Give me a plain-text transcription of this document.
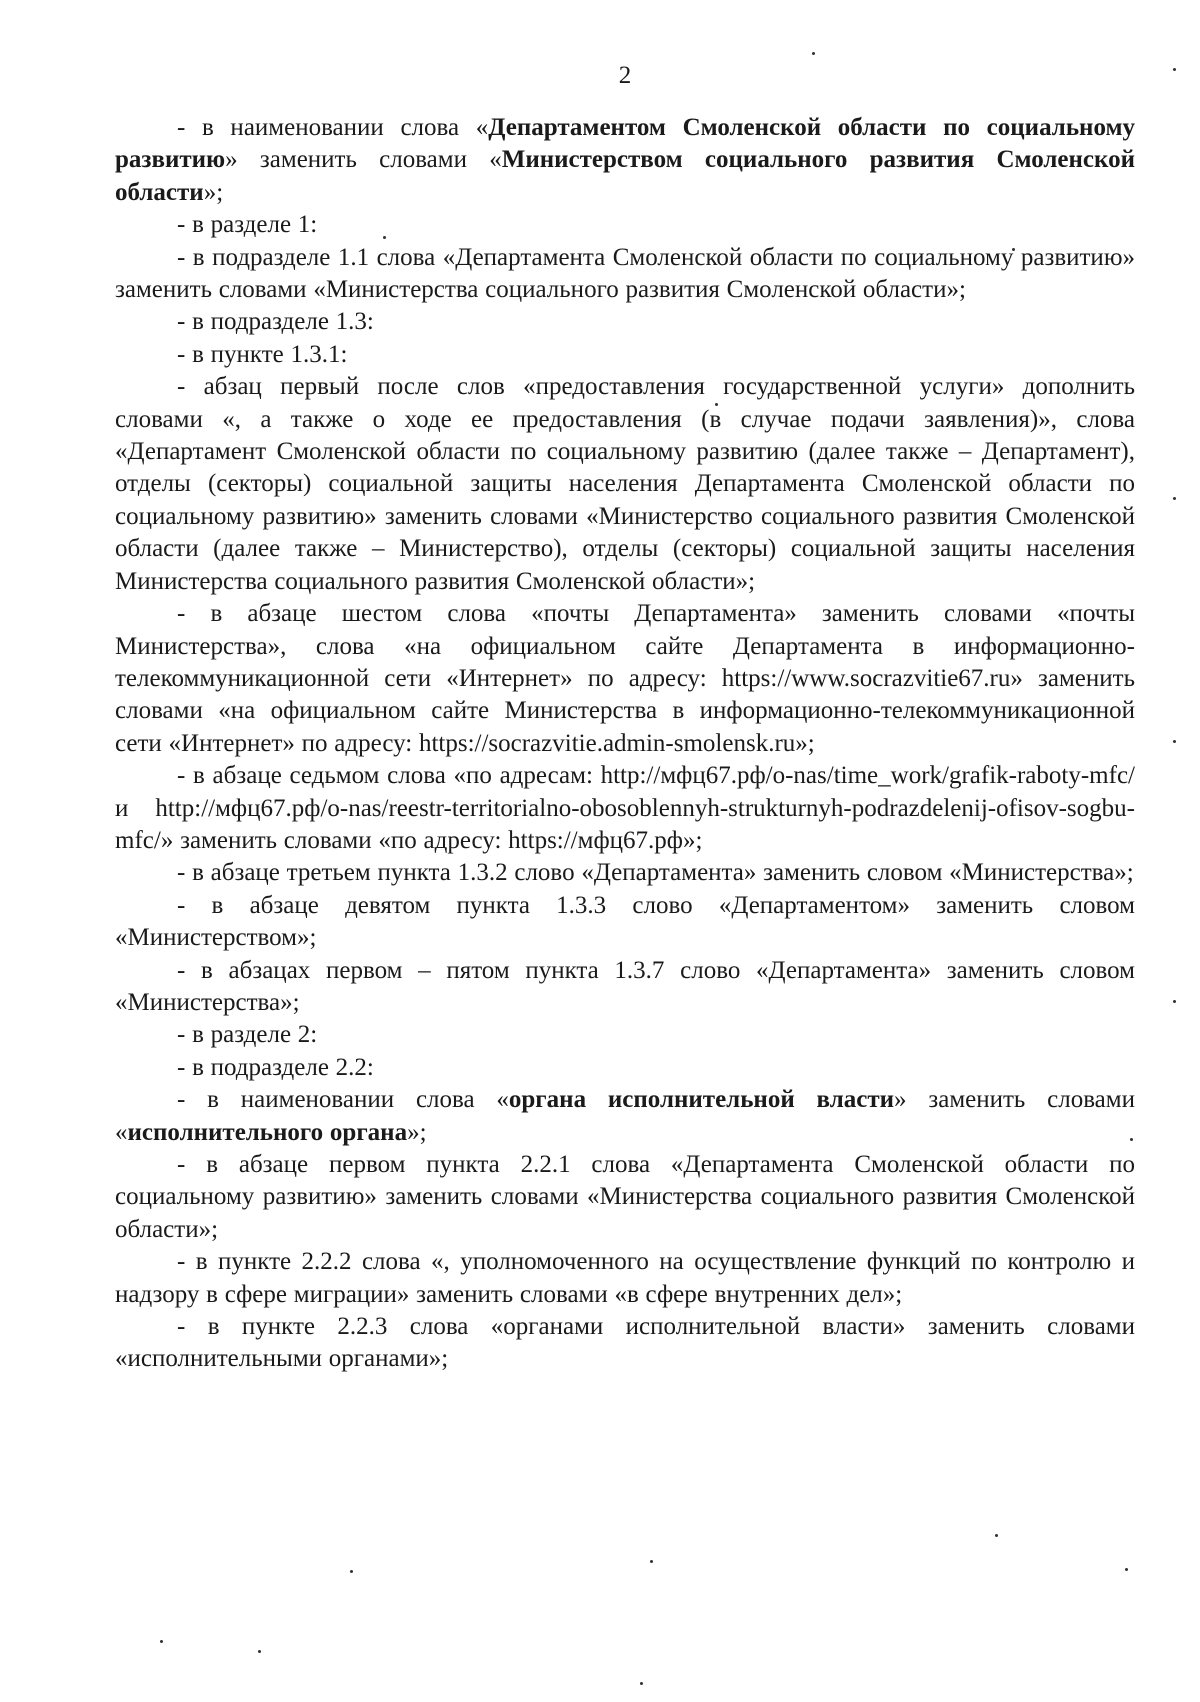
2

- в наименовании слова «Департаментом Смоленской области по социальному развитию» заменить словами «Министерством социального развития Смоленской области»;

- в разделе 1:

- в подразделе 1.1 слова «Департамента Смоленской области по социальному развитию» заменить словами «Министерства социального развития Смоленской области»;

- в подразделе 1.3:

- в пункте 1.3.1:

- абзац первый после слов «предоставления государственной услуги» дополнить словами «, а также о ходе ее предоставления (в случае подачи заявления)», слова «Департамент Смоленской области по социальному развитию (далее также – Департамент), отделы (секторы) социальной защиты населения Департамента Смоленской области по социальному развитию» заменить словами «Министерство социального развития Смоленской области (далее также – Министерство), отделы (секторы) социальной защиты населения Министерства социального развития Смоленской области»;

- в абзаце шестом слова «почты Департамента» заменить словами «почты Министерства», слова «на официальном сайте Департамента в информационно-телекоммуникационной сети «Интернет» по адресу: https://www.socrazvitie67.ru» заменить словами «на официальном сайте Министерства в информационно-телекоммуникационной сети «Интернет» по адресу: https://socrazvitie.admin-smolensk.ru»;

- в абзаце седьмом слова «по адресам: http://мфц67.рф/o-nas/time_work/grafik-raboty-mfc/ и http://мфц67.рф/o-nas/reestr-territorialno-obosoblennyh-strukturnyh-podrazdelenij-ofisov-sogbu-mfc/» заменить словами «по адресу: https://мфц67.рф»;

- в абзаце третьем пункта 1.3.2 слово «Департамента» заменить словом «Министерства»;

- в абзаце девятом пункта 1.3.3 слово «Департаментом» заменить словом «Министерством»;

- в абзацах первом – пятом пункта 1.3.7 слово «Департамента» заменить словом «Министерства»;

- в разделе 2:

- в подразделе 2.2:

- в наименовании слова «органа исполнительной власти» заменить словами «исполнительного органа»;

- в абзаце первом пункта 2.2.1 слова «Департамента Смоленской области по социальному развитию» заменить словами «Министерства социального развития Смоленской области»;

- в пункте 2.2.2 слова «, уполномоченного на осуществление функций по контролю и надзору в сфере миграции» заменить словами «в сфере внутренних дел»;

- в пункте 2.2.3 слова «органами исполнительной власти» заменить словами «исполнительными органами»;
